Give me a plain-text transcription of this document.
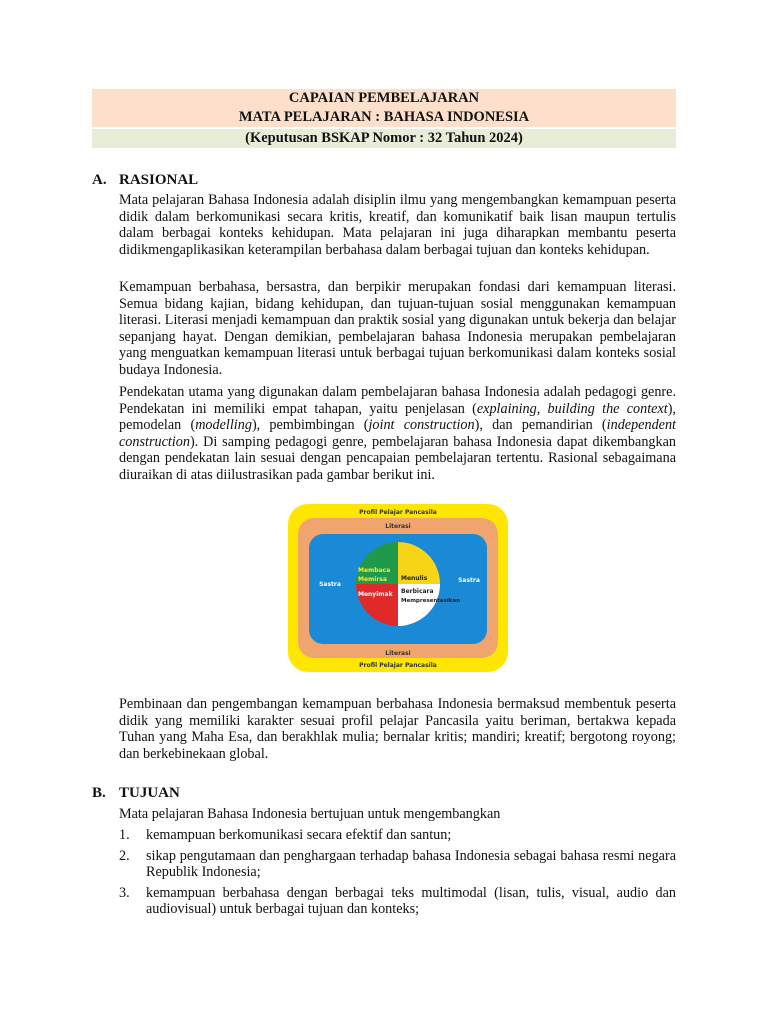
CAPAIAN PEMBELAJARAN
MATA PELAJARAN : BAHASA INDONESIA
(Keputusan BSKAP Nomor : 32 Tahun 2024)
A. RASIONAL

Mata pelajaran Bahasa Indonesia adalah disiplin ilmu yang mengembangkan kemampuan peserta didik dalam berkomunikasi secara kritis, kreatif, dan komunikatif baik lisan maupun tertulis dalam berbagai konteks kehidupan. Mata pelajaran ini juga diharapkan membantu peserta didikmengaplikasikan keterampilan berbahasa dalam berbagai tujuan dan konteks kehidupan.

Kemampuan berbahasa, bersastra, dan berpikir merupakan fondasi dari kemampuan literasi. Semua bidang kajian, bidang kehidupan, dan tujuan-tujuan sosial menggunakan kemampuan literasi. Literasi menjadi kemampuan dan praktik sosial yang digunakan untuk bekerja dan belajar sepanjang hayat. Dengan demikian, pembelajaran bahasa Indonesia merupakan pembelajaran yang menguatkan kemampuan literasi untuk berbagai tujuan berkomunikasi dalam konteks sosial budaya Indonesia.

Pendekatan utama yang digunakan dalam pembelajaran bahasa Indonesia adalah pedagogi genre. Pendekatan ini memiliki empat tahapan, yaitu penjelasan (explaining, building the context), pemodelan (modelling), pembimbingan (joint construction), dan pemandirian (independent construction). Di samping pedagogi genre, pembelajaran bahasa Indonesia dapat dikembangkan dengan pendekatan lain sesuai dengan pencapaian pembelajaran tertentu. Rasional sebagaimana diuraikan di atas diilustrasikan pada gambar berikut ini.

Profil Pelajar Pancasila
Literasi
Literasi
Profil Pelajar Pancasila
Sastra
Sastra
Membaca
Memirsa Menulis
Menyimak Berbicara
Mempresentasikan

Pembinaan dan pengembangan kemampuan berbahasa Indonesia bermaksud membentuk peserta didik yang memiliki karakter sesuai profil pelajar Pancasila yaitu beriman, bertakwa kepada Tuhan yang Maha Esa, dan berakhlak mulia; bernalar kritis; mandiri; kreatif; bergotong royong; dan berkebinekaan global.

B. TUJUAN

Mata pelajaran Bahasa Indonesia bertujuan untuk mengembangkan

1. kemampuan berkomunikasi secara efektif dan santun;
2. sikap pengutamaan dan penghargaan terhadap bahasa Indonesia sebagai bahasa resmi negara Republik Indonesia;
3. kemampuan berbahasa dengan berbagai teks multimodal (lisan, tulis, visual, audio dan audiovisual) untuk berbagai tujuan dan konteks;
